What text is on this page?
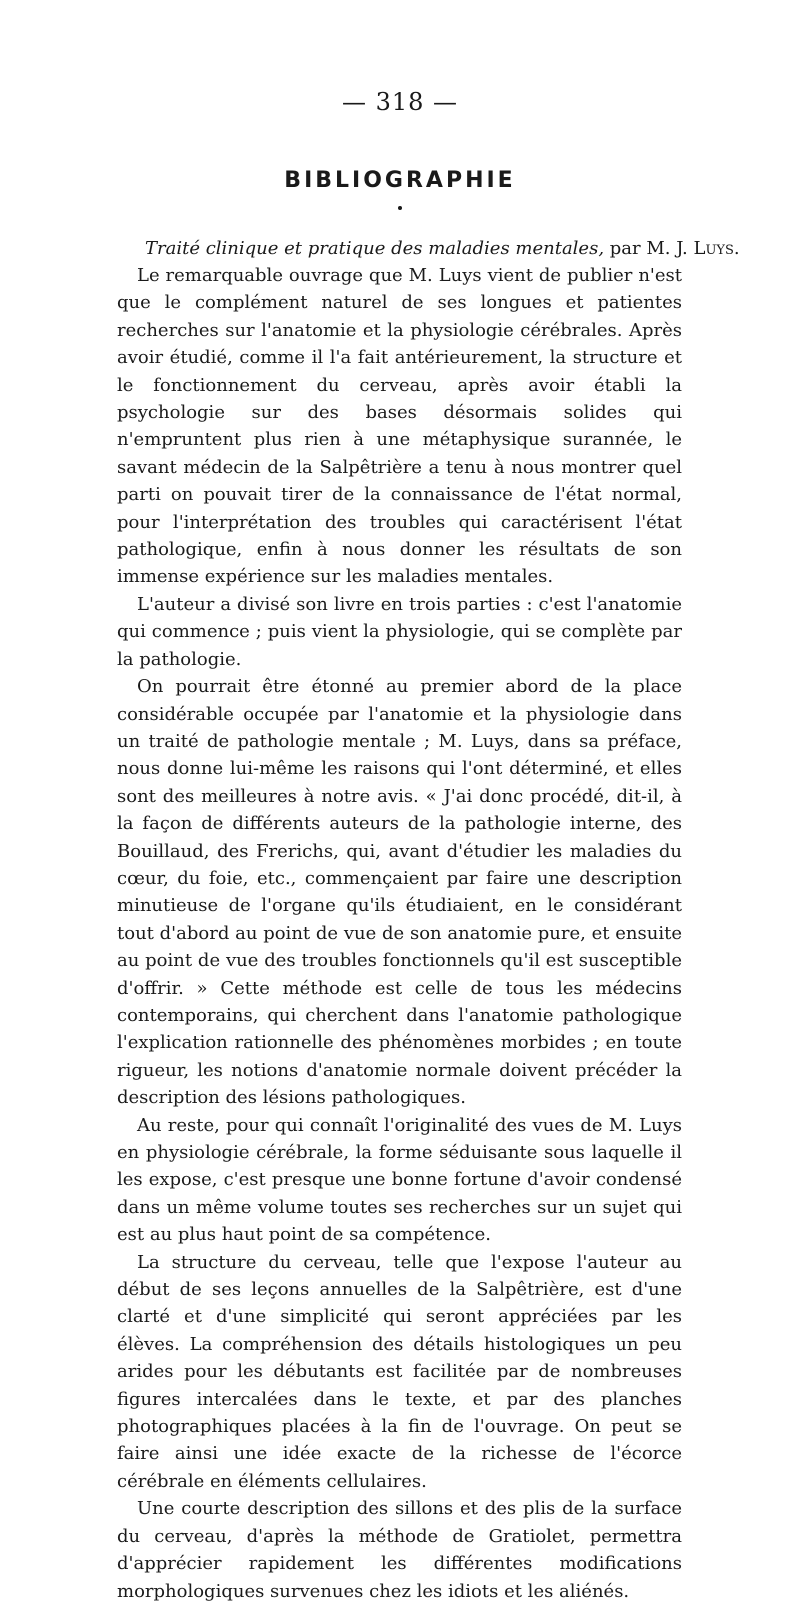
— 318 —
BIBLIOGRAPHIE
Traité clinique et pratique des maladies mentales, par M. J. Luys.

Le remarquable ouvrage que M. Luys vient de publier n'est que le complément naturel de ses longues et patientes recherches sur l'anatomie et la physiologie cérébrales. Après avoir étudié, comme il l'a fait antérieurement, la structure et le fonctionnement du cerveau, après avoir établi la psychologie sur des bases désormais solides qui n'empruntent plus rien à une métaphysique surannée, le savant médecin de la Salpêtrière a tenu à nous montrer quel parti on pouvait tirer de la connaissance de l'état normal, pour l'interprétation des troubles qui caractérisent l'état pathologique, enfin à nous donner les résultats de son immense expérience sur les maladies mentales.

L'auteur a divisé son livre en trois parties : c'est l'anatomie qui commence ; puis vient la physiologie, qui se complète par la pathologie.

On pourrait être étonné au premier abord de la place considérable occupée par l'anatomie et la physiologie dans un traité de pathologie mentale ; M. Luys, dans sa préface, nous donne lui-même les raisons qui l'ont déterminé, et elles sont des meilleures à notre avis. « J'ai donc procédé, dit-il, à la façon de différents auteurs de la pathologie interne, des Bouillaud, des Frerichs, qui, avant d'étudier les maladies du cœur, du foie, etc., commençaient par faire une description minutieuse de l'organe qu'ils étudiaient, en le considérant tout d'abord au point de vue de son anatomie pure, et ensuite au point de vue des troubles fonctionnels qu'il est susceptible d'offrir. » Cette méthode est celle de tous les médecins contemporains, qui cherchent dans l'anatomie pathologique l'explication rationnelle des phénomènes morbides ; en toute rigueur, les notions d'anatomie normale doivent précéder la description des lésions pathologiques.

Au reste, pour qui connaît l'originalité des vues de M. Luys en physiologie cérébrale, la forme séduisante sous laquelle il les expose, c'est presque une bonne fortune d'avoir condensé dans un même volume toutes ses recherches sur un sujet qui est au plus haut point de sa compétence.

La structure du cerveau, telle que l'expose l'auteur au début de ses leçons annuelles de la Salpêtrière, est d'une clarté et d'une simplicité qui seront appréciées par les élèves. La compréhension des détails histologiques un peu arides pour les débutants est facilitée par de nombreuses figures intercalées dans le texte, et par des planches photographiques placées à la fin de l'ouvrage. On peut se faire ainsi une idée exacte de la richesse de l'écorce cérébrale en éléments cellulaires.

Une courte description des sillons et des plis de la surface du cerveau, d'après la méthode de Gratiolet, permettra d'apprécier rapidement les différentes modifications morphologiques survenues chez les idiots et les aliénés.
